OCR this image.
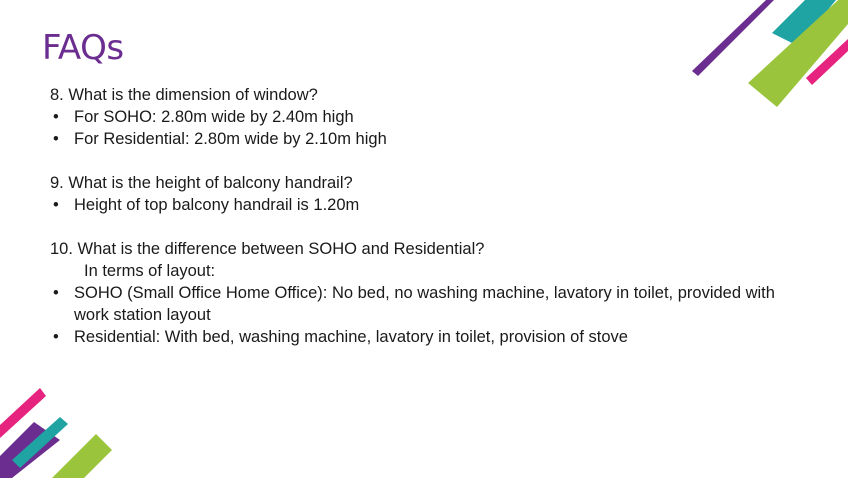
FAQs

8. What is the dimension of window?

• For SOHO: 2.80m wide by 2.40m high
• For Residential: 2.80m wide by 2.10m high

9. What is the height of balcony handrail?

• Height of top balcony handrail is 1.20m

10. What is the difference between SOHO and Residential?

In terms of layout:

• SOHO (Small Office Home Office): No bed, no washing machine, lavatory in toilet, provided with work station layout
• Residential: With bed, washing machine, lavatory in toilet, provision of stove
